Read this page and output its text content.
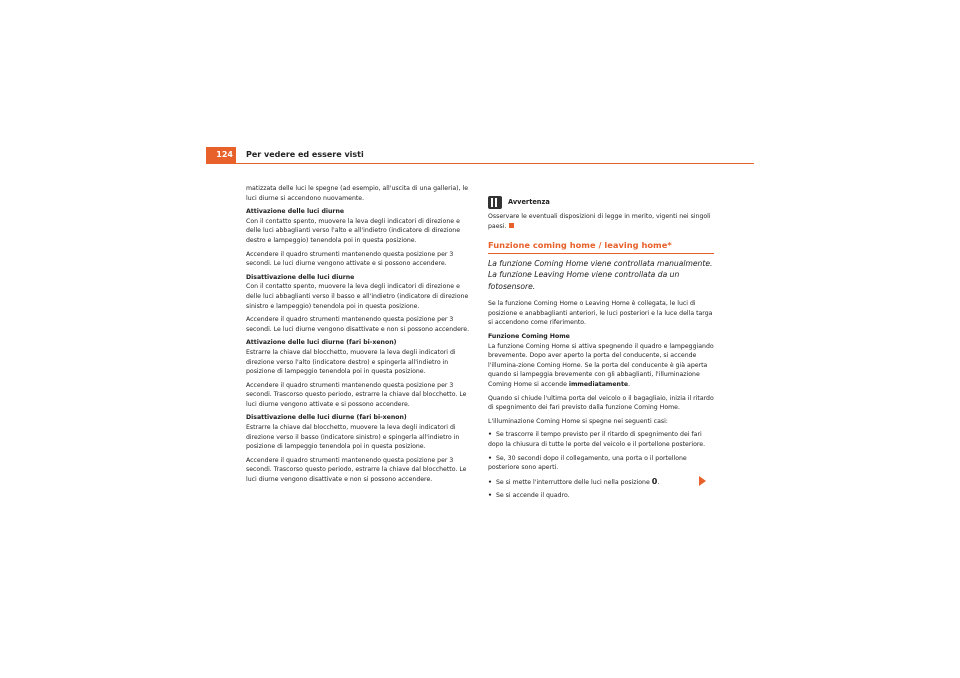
124	Per vedere ed essere visti

matizzata delle luci le spegne (ad esempio, all'uscita di una galleria), le luci diurne si accendono nuovamente.

Attivazione delle luci diurne

Con il contatto spento, muovere la leva degli indicatori di direzione e delle luci abbaglianti verso l'alto e all'indietro (indicatore di direzione destro e lampeggio) tenendola poi in questa posizione.

Accendere il quadro strumenti mantenendo questa posizione per 3 secondi. Le luci diurne vengono attivate e si possono accendere.

Disattivazione delle luci diurne

Con il contatto spento, muovere la leva degli indicatori di direzione e delle luci abbaglianti verso il basso e all'indietro (indicatore di direzione sinistro e lampeggio) tenendola poi in questa posizione.

Accendere il quadro strumenti mantenendo questa posizione per 3 secondi. Le luci diurne vengono disattivate e non si possono accendere.

Attivazione delle luci diurne (fari bi-xenon)

Estrarre la chiave dal blocchetto, muovere la leva degli indicatori di direzione verso l'alto (indicatore destro) e spingerla all'indietro in posizione di lampeggio tenendola poi in questa posizione.

Accendere il quadro strumenti mantenendo questa posizione per 3 secondi. Trascorso questo periodo, estrarre la chiave dal blocchetto. Le luci diurne vengono attivate e si possono accendere.

Disattivazione delle luci diurne (fari bi-xenon)

Estrarre la chiave dal blocchetto, muovere la leva degli indicatori di direzione verso il basso (indicatore sinistro) e spingerla all'indietro in posizione di lampeggio tenendola poi in questa posizione.

Accendere il quadro strumenti mantenendo questa posizione per 3 secondi. Trascorso questo periodo, estrarre la chiave dal blocchetto. Le luci diurne vengono disattivate e non si possono accendere.

Avvertenza

Osservare le eventuali disposizioni di legge in merito, vigenti nei singoli paesi.

Funzione coming home / leaving home*

La funzione Coming Home viene controllata manualmente. La funzione Leaving Home viene controllata da un fotosensore.

Se la funzione Coming Home o Leaving Home è collegata, le luci di posizione e anabbaglianti anteriori, le luci posteriori e la luce della targa si accendono come riferimento.

Funzione Coming Home

La funzione Coming Home si attiva spegnendo il quadro e lampeggiando brevemente. Dopo aver aperto la porta del conducente, si accende l'illumina-zione Coming Home. Se la porta del conducente è già aperta quando si lampeggia brevemente con gli abbaglianti, l'illuminazione Coming Home si accende immediatamente.

Quando si chiude l'ultima porta del veicolo o il bagagliaio, inizia il ritardo di spegnimento dei fari previsto dalla funzione Coming Home.

L'illuminazione Coming Home si spegne nei seguenti casi:

• Se trascorre il tempo previsto per il ritardo di spegnimento dei fari dopo la chiusura di tutte le porte del veicolo e il portellone posteriore.

• Se, 30 secondi dopo il collegamento, una porta o il portellone posteriore sono aperti.

• Se si mette l'interruttore delle luci nella posizione 0.

• Se si accende il quadro.
